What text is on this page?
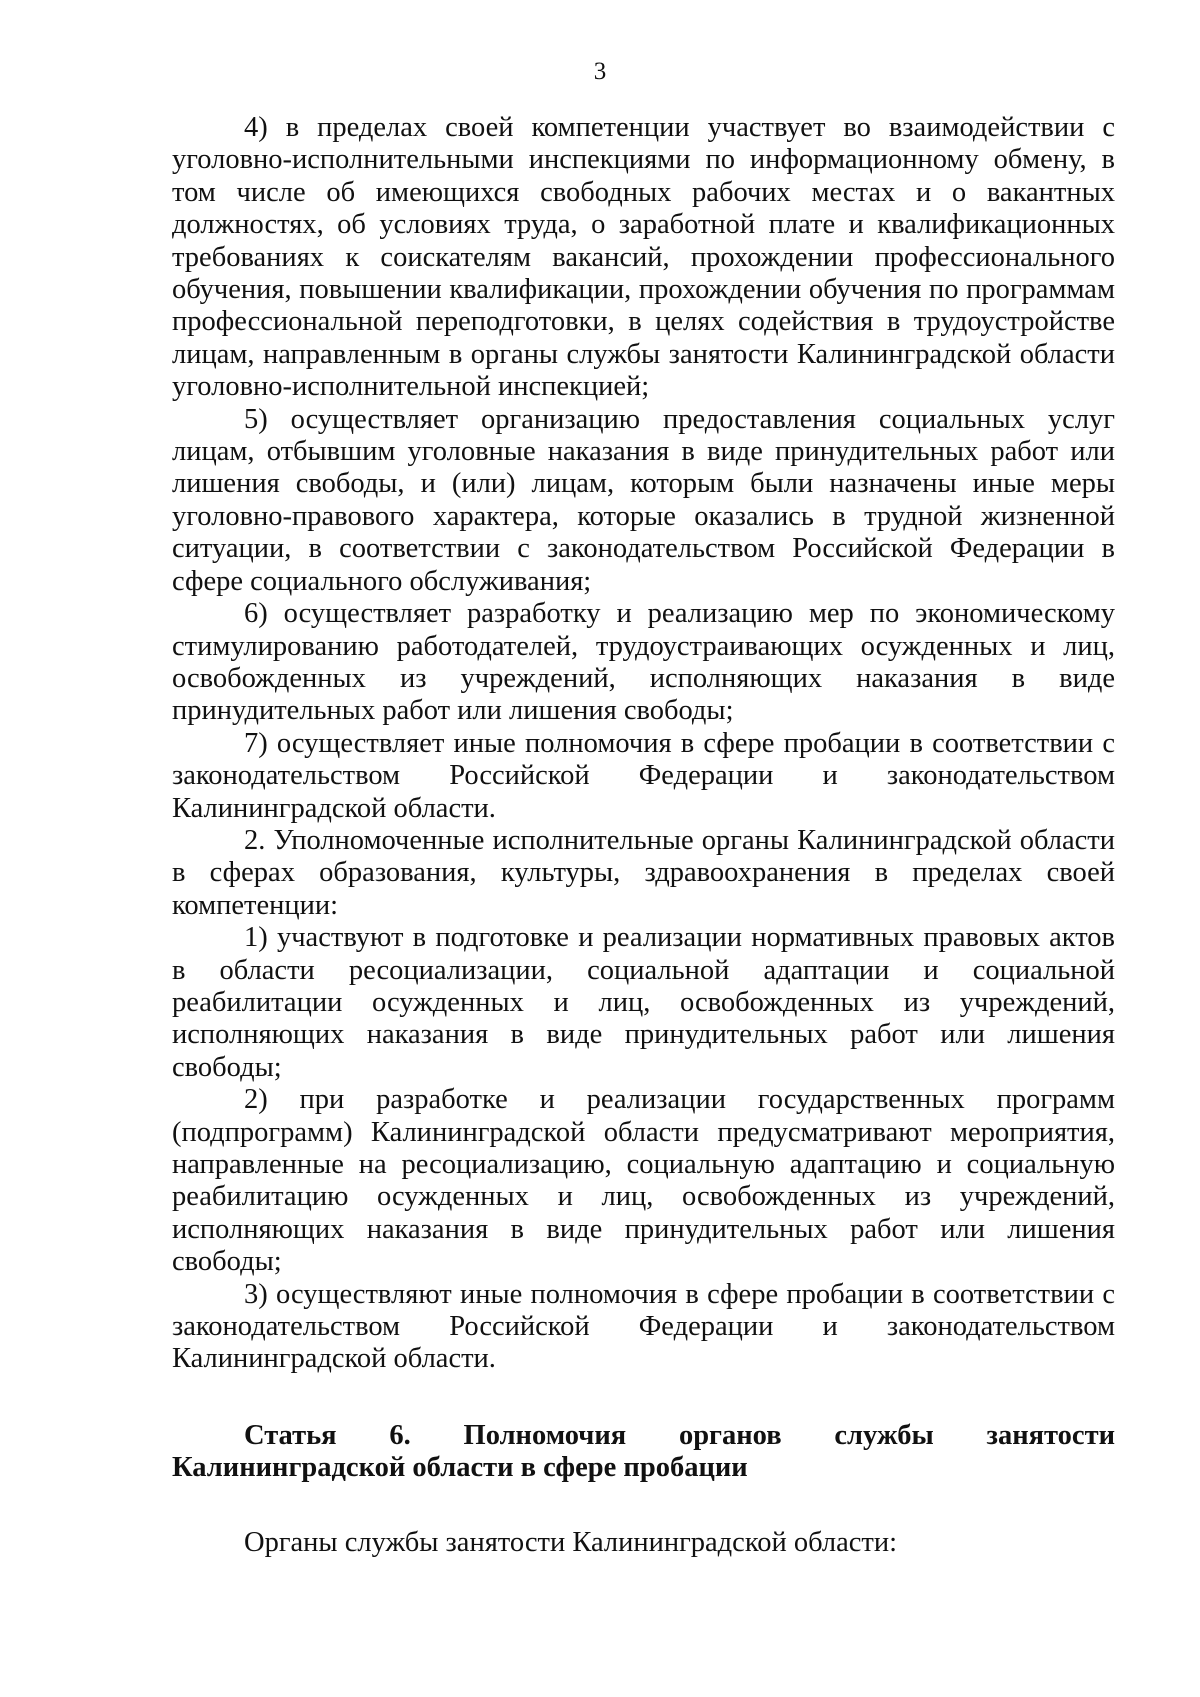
3

4) в пределах своей компетенции участвует во взаимодействии с уголовно-исполнительными инспекциями по информационному обмену, в том числе об имеющихся свободных рабочих местах и о вакантных должностях, об условиях труда, о заработной плате и квалификационных требованиях к соискателям вакансий, прохождении профессионального обучения, повышении квалификации, прохождении обучения по программам профессиональной переподготовки, в целях содействия в трудоустройстве лицам, направленным в органы службы занятости Калининградской области уголовно-исполнительной инспекцией;

5) осуществляет организацию предоставления социальных услуг лицам, отбывшим уголовные наказания в виде принудительных работ или лишения свободы, и (или) лицам, которым были назначены иные меры уголовно-правового характера, которые оказались в трудной жизненной ситуации, в соответствии с законодательством Российской Федерации в сфере социального обслуживания;

6) осуществляет разработку и реализацию мер по экономическому стимулированию работодателей, трудоустраивающих осужденных и лиц, освобожденных из учреждений, исполняющих наказания в виде принудительных работ или лишения свободы;

7) осуществляет иные полномочия в сфере пробации в соответствии с законодательством Российской Федерации и законодательством Калининградской области.

2. Уполномоченные исполнительные органы Калининградской области в сферах образования, культуры, здравоохранения в пределах своей компетенции:

1) участвуют в подготовке и реализации нормативных правовых актов в области ресоциализации, социальной адаптации и социальной реабилитации осужденных и лиц, освобожденных из учреждений, исполняющих наказания в виде принудительных работ или лишения свободы;

2) при разработке и реализации государственных программ (подпрограмм) Калининградской области предусматривают мероприятия, направленные на ресоциализацию, социальную адаптацию и социальную реабилитацию осужденных и лиц, освобожденных из учреждений, исполняющих наказания в виде принудительных работ или лишения свободы;

3) осуществляют иные полномочия в сфере пробации в соответствии с законодательством Российской Федерации и законодательством Калининградской области.

Статья 6. Полномочия органов службы занятости Калининградской области в сфере пробации

Органы службы занятости Калининградской области:
